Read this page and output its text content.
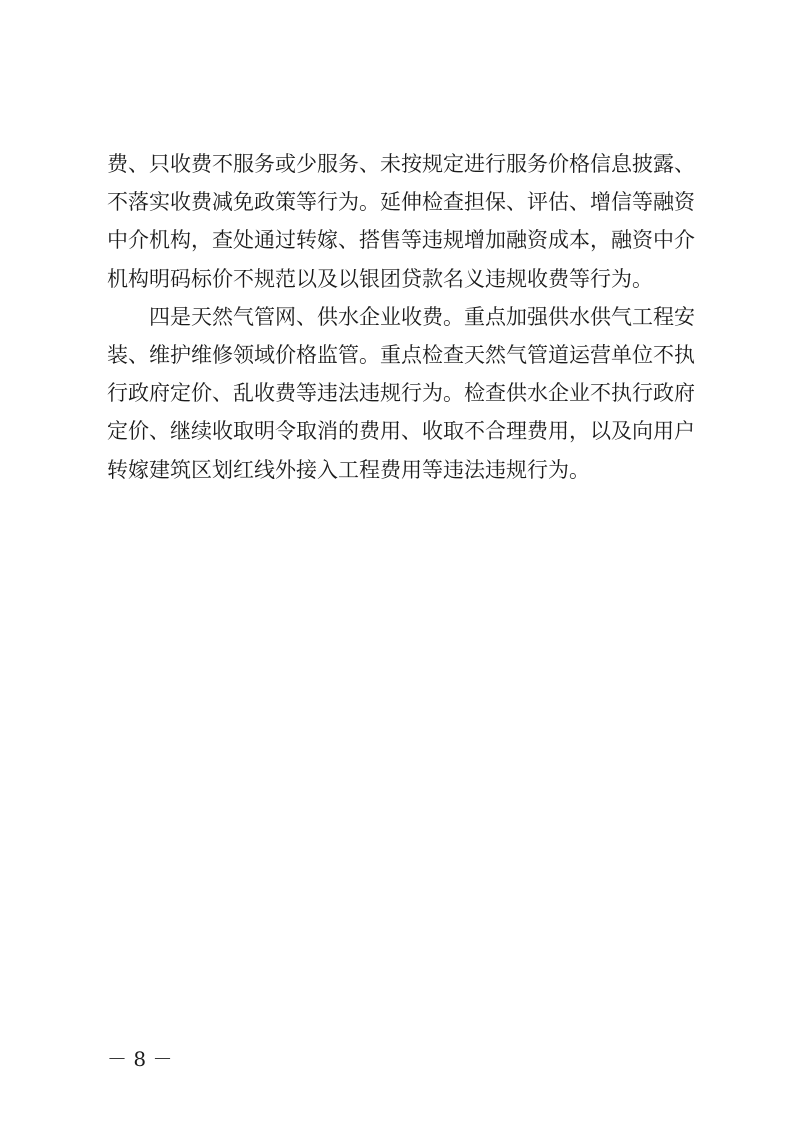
费、只收费不服务或少服务、未按规定进行服务价格信息披露、
不落实收费减免政策等行为。延伸检查担保、评估、增信等融资
中介机构，查处通过转嫁、搭售等违规增加融资成本，融资中介
机构明码标价不规范以及以银团贷款名义违规收费等行为。
　　四是天然气管网、供水企业收费。重点加强供水供气工程安
装、维护维修领域价格监管。重点检查天然气管道运营单位不执
行政府定价、乱收费等违法违规行为。检查供水企业不执行政府
定价、继续收取明令取消的费用、收取不合理费用，以及向用户
转嫁建筑区划红线外接入工程费用等违法违规行为。
－ 8 －
